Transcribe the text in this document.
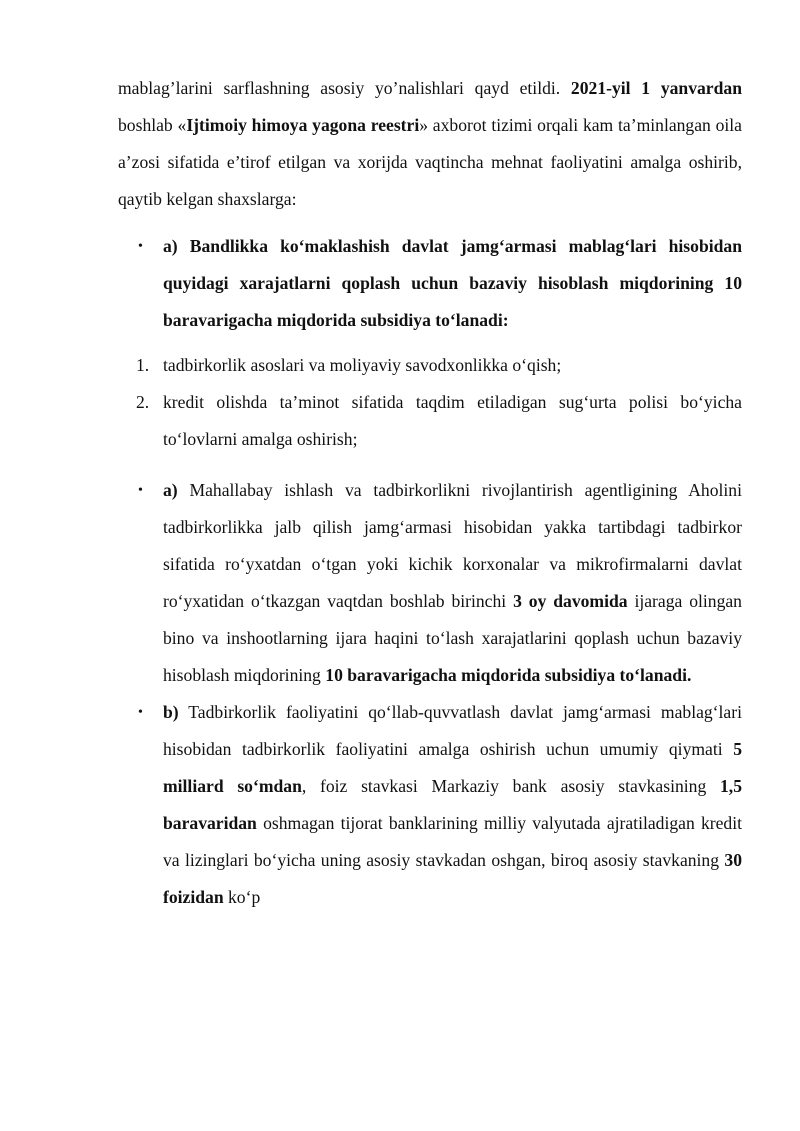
mablag’larini sarflashning asosiy yo’nalishlari qayd etildi. 2021-yil 1 yanvardan boshlab «Ijtimoiy himoya yagona reestri» axborot tizimi orqali kam ta’minlangan oila a’zosi sifatida e’tirof etilgan va xorijda vaqtincha mehnat faoliyatini amalga oshirib, qaytib kelgan shaxslarga:

• a) Bandlikka ko‘maklashish davlat jamg‘armasi mablag‘lari hisobidan quyidagi xarajatlarni qoplash uchun bazaviy hisoblash miqdorining 10 baravarigacha miqdorida subsidiya to‘lanadi:
1. tadbirkorlik asoslari va moliyaviy savodxonlikka o‘qish;
2. kredit olishda ta’minot sifatida taqdim etiladigan sug‘urta polisi bo‘yicha to‘lovlarni amalga oshirish;
• a) Mahallabay ishlash va tadbirkorlikni rivojlantirish agentligining Aholini tadbirkorlikka jalb qilish jamg‘armasi hisobidan yakka tartibdagi tadbirkor sifatida ro‘yxatdan o‘tgan yoki kichik korxonalar va mikrofirmalarni davlat ro‘yxatidan o‘tkazgan vaqtdan boshlab birinchi 3 oy davomida ijaraga olingan bino va inshootlarning ijara haqini to‘lash xarajatlarini qoplash uchun bazaviy hisoblash miqdorining 10 baravarigacha miqdorida subsidiya to‘lanadi.
• b) Tadbirkorlik faoliyatini qo‘llab-quvvatlash davlat jamg‘armasi mablag‘lari hisobidan tadbirkorlik faoliyatini amalga oshirish uchun umumiy qiymati 5 milliard so‘mdan, foiz stavkasi Markaziy bank asosiy stavkasining 1,5 baravaridan oshmagan tijorat banklarining milliy valyutada ajratiladigan kredit va lizinglari bo‘yicha uning asosiy stavkadan oshgan, biroq asosiy stavkaning 30 foizidan ko‘p
